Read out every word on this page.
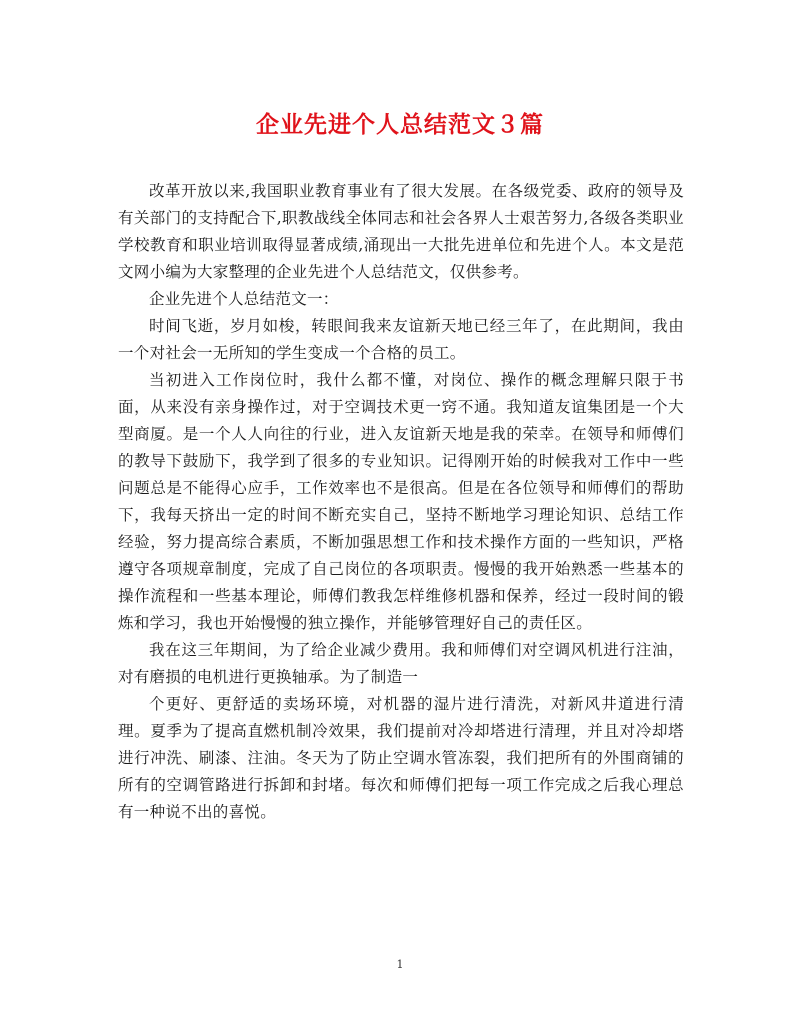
企业先进个人总结范文３篇

改革开放以来,我国职业教育事业有了很大发展。在各级党委、政府的领导及有关部门的支持配合下,职教战线全体同志和社会各界人士艰苦努力,各级各类职业学校教育和职业培训取得显著成绩,涌现出一大批先进单位和先进个人。本文是范文网小编为大家整理的企业先进个人总结范文，仅供参考。

企业先进个人总结范文一：

时间飞逝，岁月如梭，转眼间我来友谊新天地已经三年了，在此期间，我由一个对社会一无所知的学生变成一个合格的员工。

当初进入工作岗位时，我什么都不懂，对岗位、操作的概念理解只限于书面，从来没有亲身操作过，对于空调技术更一窍不通。我知道友谊集团是一个大型商厦。是一个人人向往的行业，进入友谊新天地是我的荣幸。在领导和师傅们的教导下鼓励下，我学到了很多的专业知识。记得刚开始的时候我对工作中一些问题总是不能得心应手，工作效率也不是很高。但是在各位领导和师傅们的帮助下，我每天挤出一定的时间不断充实自己，坚持不断地学习理论知识、总结工作经验，努力提高综合素质，不断加强思想工作和技术操作方面的一些知识，严格遵守各项规章制度，完成了自己岗位的各项职责。慢慢的我开始熟悉一些基本的操作流程和一些基本理论，师傅们教我怎样维修机器和保养，经过一段时间的锻炼和学习，我也开始慢慢的独立操作，并能够管理好自己的责任区。

我在这三年期间，为了给企业减少费用。我和师傅们对空调风机进行注油，对有磨损的电机进行更换轴承。为了制造一

个更好、更舒适的卖场环境，对机器的湿片进行清洗，对新风井道进行清理。夏季为了提高直燃机制冷效果，我们提前对冷却塔进行清理，并且对冷却塔进行冲洗、刷漆、注油。冬天为了防止空调水管冻裂，我们把所有的外围商铺的所有的空调管路进行拆卸和封堵。每次和师傅们把每一项工作完成之后我心理总有一种说不出的喜悦。

1
